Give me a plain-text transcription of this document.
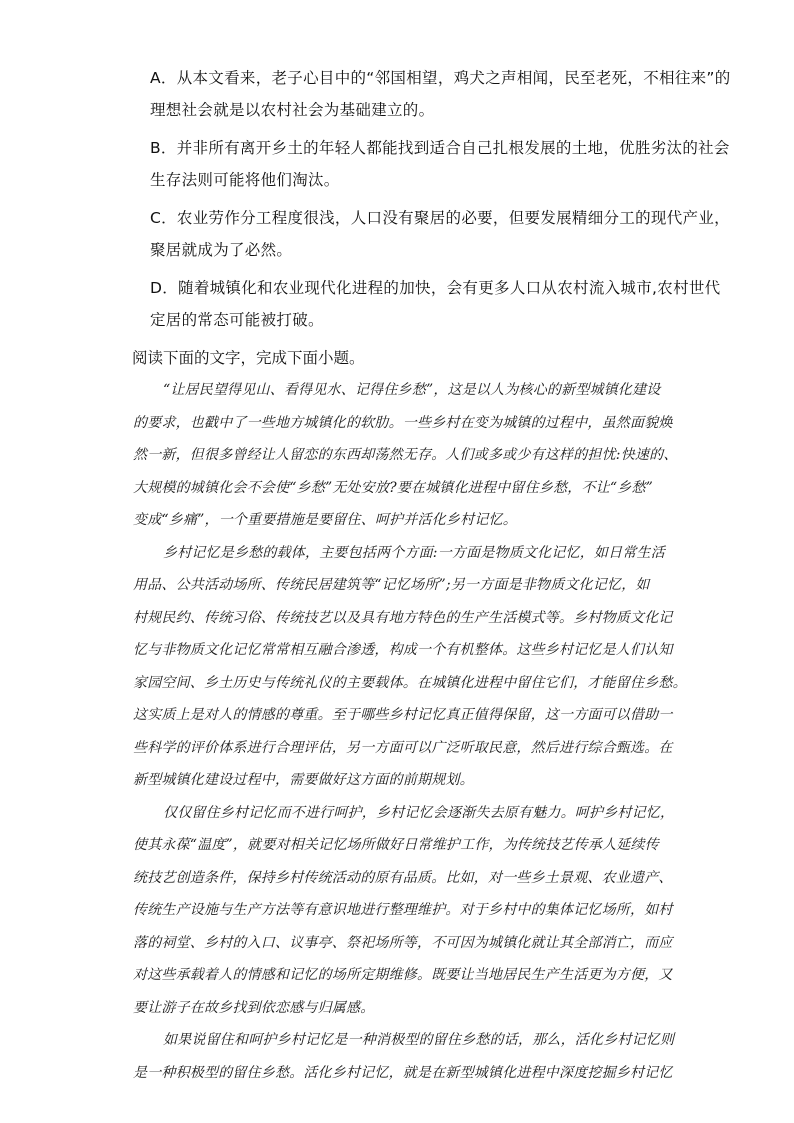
A．从本文看来，老子心目中的“邻国相望，鸡犬之声相闻，民至老死，不相往来”的
理想社会就是以农村社会为基础建立的。
B．并非所有离开乡土的年轻人都能找到适合自己扎根发展的土地，优胜劣汰的社会
生存法则可能将他们淘汰。
C．农业劳作分工程度很浅，人口没有聚居的必要，但要发展精细分工的现代产业，
聚居就成为了必然。
D．随着城镇化和农业现代化进程的加快，会有更多人口从农村流入城市,农村世代
定居的常态可能被打破。
阅读下面的文字，完成下面小题。
“让居民望得见山、看得见水、记得住乡愁”，这是以人为核心的新型城镇化建设
的要求，也戳中了一些地方城镇化的软肋。一些乡村在变为城镇的过程中，虽然面貌焕
然一新，但很多曾经让人留恋的东西却荡然无存。人们或多或少有这样的担忧:快速的、
大规模的城镇化会不会使“乡愁”无处安放?要在城镇化进程中留住乡愁，不让“乡愁”
变成“乡痛”，一个重要措施是要留住、呵护并活化乡村记忆。
乡村记忆是乡愁的载体，主要包括两个方面:一方面是物质文化记忆，如日常生活
用品、公共活动场所、传统民居建筑等“记忆场所”;另一方面是非物质文化记忆，如
村规民约、传统习俗、传统技艺以及具有地方特色的生产生活模式等。乡村物质文化记
忆与非物质文化记忆常常相互融合渗透，构成一个有机整体。这些乡村记忆是人们认知
家园空间、乡土历史与传统礼仪的主要载体。在城镇化进程中留住它们，才能留住乡愁。
这实质上是对人的情感的尊重。至于哪些乡村记忆真正值得保留，这一方面可以借助一
些科学的评价体系进行合理评估，另一方面可以广泛听取民意，然后进行综合甄选。在
新型城镇化建设过程中，需要做好这方面的前期规划。
仅仅留住乡村记忆而不进行呵护，乡村记忆会逐渐失去原有魅力。呵护乡村记忆，
使其永葆“温度”，就要对相关记忆场所做好日常维护工作，为传统技艺传承人延续传
统技艺创造条件，保持乡村传统活动的原有品质。比如，对一些乡土景观、农业遗产、
传统生产设施与生产方法等有意识地进行整理维护。对于乡村中的集体记忆场所，如村
落的祠堂、乡村的入口、议事亭、祭祀场所等，不可因为城镇化就让其全部消亡，而应
对这些承载着人的情感和记忆的场所定期维修。既要让当地居民生产生活更为方便，又
要让游子在故乡找到依恋感与归属感。
如果说留住和呵护乡村记忆是一种消极型的留住乡愁的话，那么，活化乡村记忆则
是一种积极型的留住乡愁。活化乡村记忆，就是在新型城镇化进程中深度挖掘乡村记忆
